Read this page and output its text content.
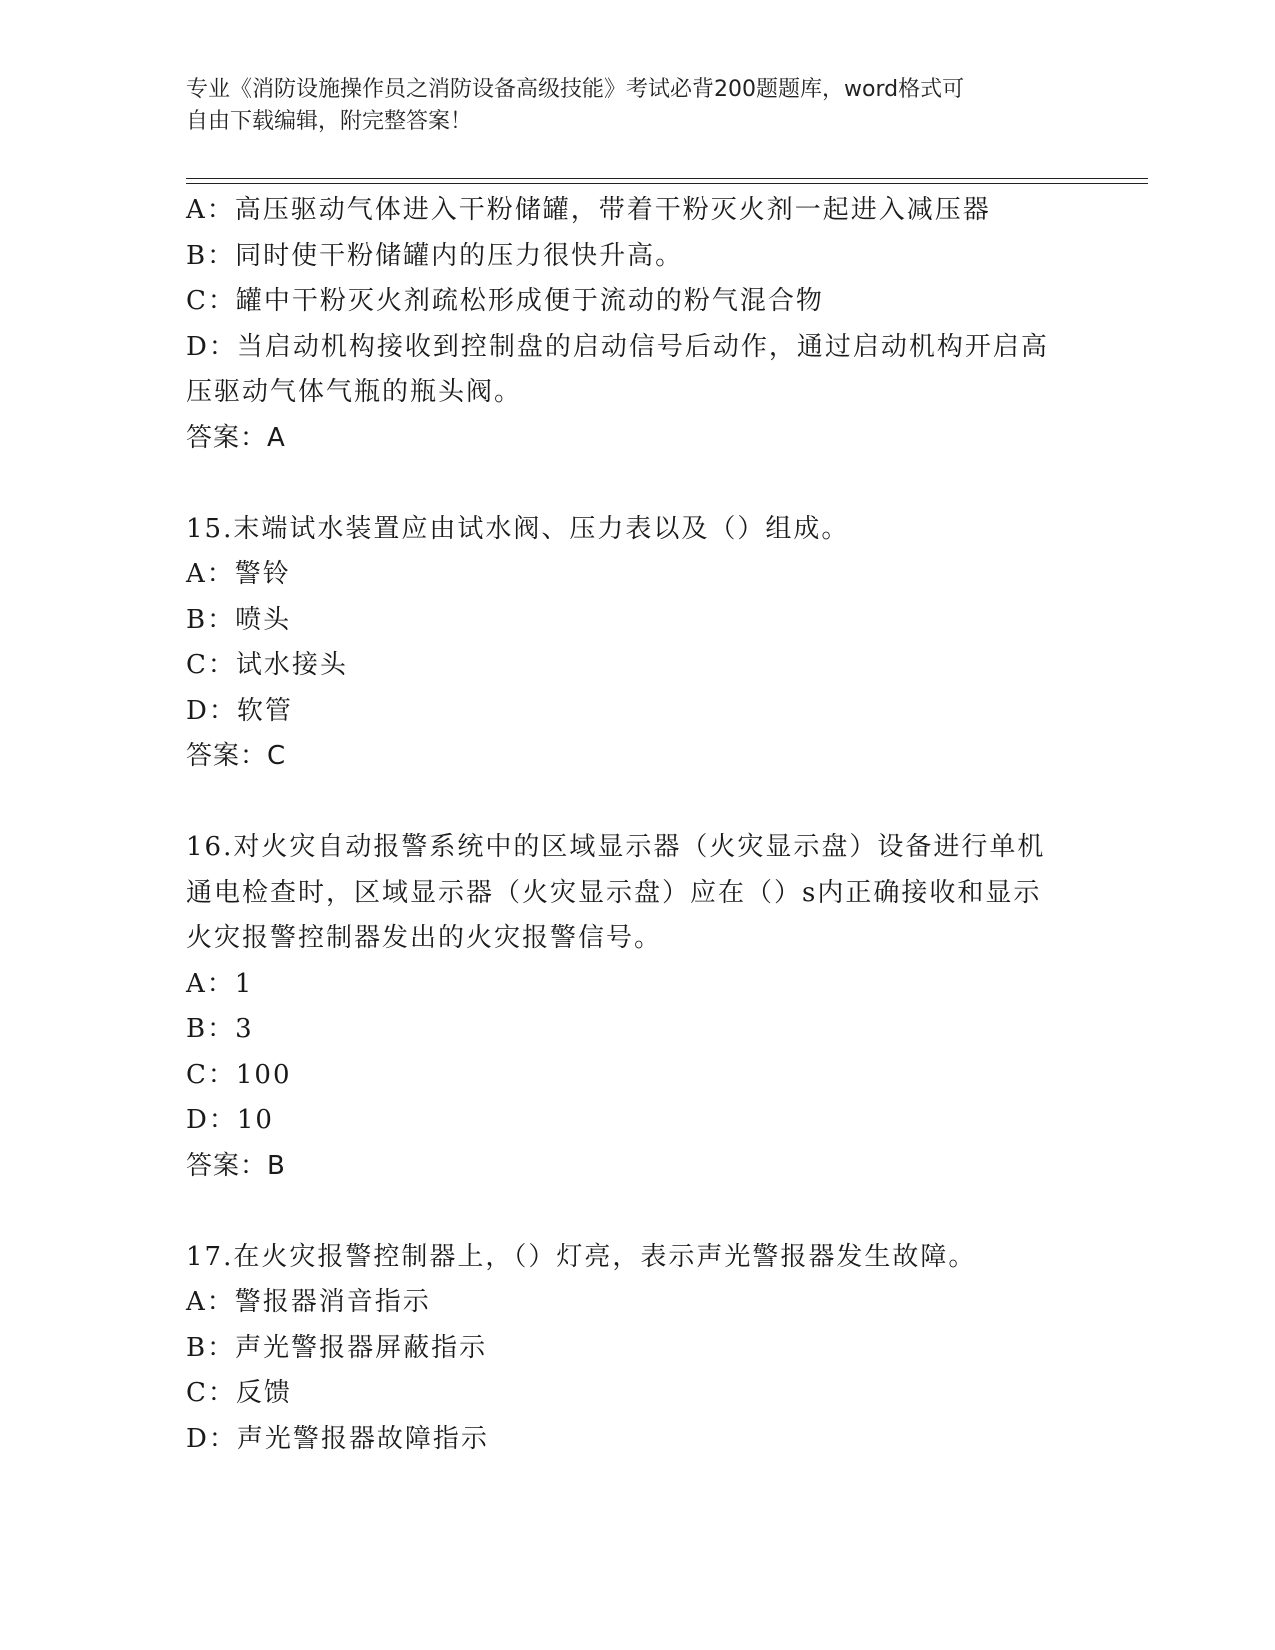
专业《消防设施操作员之消防设备高级技能》考试必背200题题库，word格式可
自由下载编辑，附完整答案！
A：高压驱动气体进入干粉储罐，带着干粉灭火剂一起进入减压器
B：同时使干粉储罐内的压力很快升高。
C：罐中干粉灭火剂疏松形成便于流动的粉气混合物
D：当启动机构接收到控制盘的启动信号后动作，通过启动机构开启高
压驱动气体气瓶的瓶头阀。
答案：A
15.末端试水装置应由试水阀、压力表以及（）组成。
A：警铃
B：喷头
C：试水接头
D：软管
答案：C
16.对火灾自动报警系统中的区域显示器（火灾显示盘）设备进行单机
通电检查时，区域显示器（火灾显示盘）应在（）s内正确接收和显示
火灾报警控制器发出的火灾报警信号。
A：1
B：3
C：100
D：10
答案：B
17.在火灾报警控制器上，（）灯亮，表示声光警报器发生故障。
A：警报器消音指示
B：声光警报器屏蔽指示
C：反馈
D：声光警报器故障指示
